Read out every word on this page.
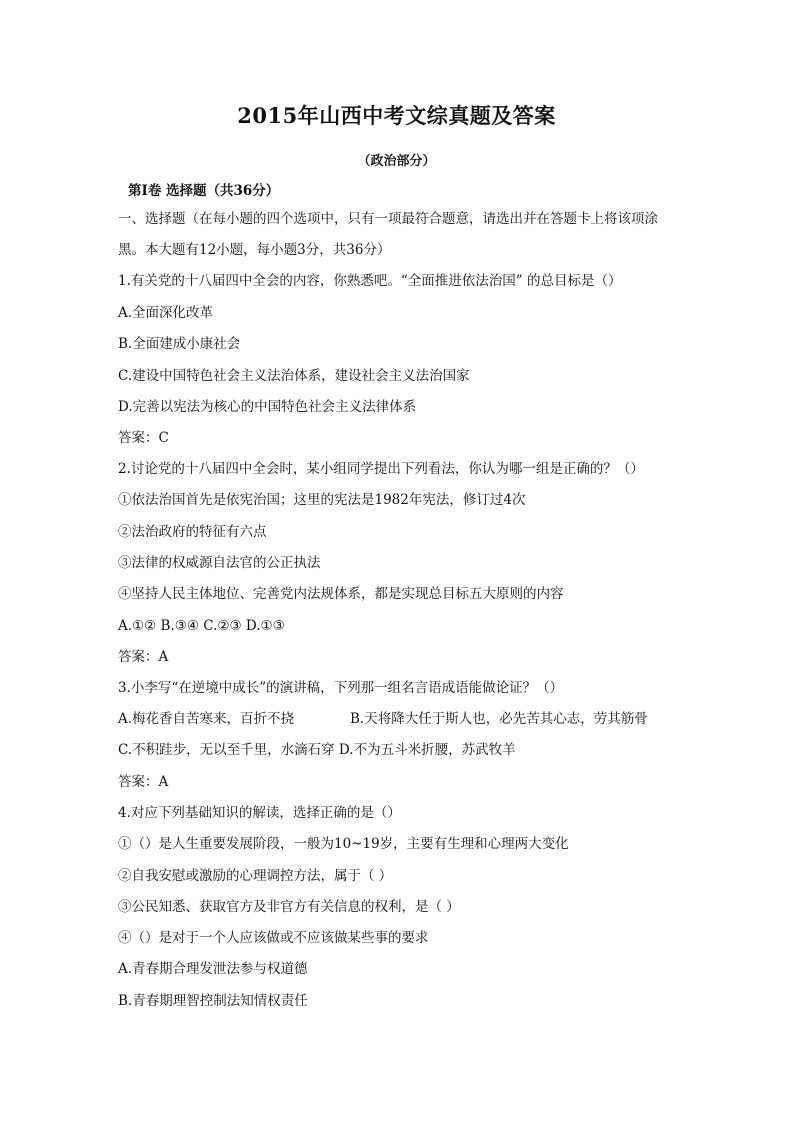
2015年山西中考文综真题及答案
（政治部分）
第Ⅰ卷 选择题（共36分）
一、选择题（在每小题的四个选项中，只有一项最符合题意，请选出并在答题卡上将该项涂
黑。本大题有12小题，每小题3分，共36分）
1.有关党的十八届四中全会的内容，你熟悉吧。“全面推进依法治国” 的总目标是（）
A.全面深化改革
B.全面建成小康社会
C.建设中国特色社会主义法治体系，建设社会主义法治国家
D.完善以宪法为核心的中国特色社会主义法律体系
答案：C
2.讨论党的十八届四中全会时，某小组同学提出下列看法，你认为哪一组是正确的？（）
①依法治国首先是依宪治国；这里的宪法是1982年宪法，修订过4次
②法治政府的特征有六点
③法律的权威源自法官的公正执法
④坚持人民主体地位、完善党内法规体系，都是实现总目标五大原则的内容
A.①② B.③④ C.②③ D.①③
答案：A
3.小李写“在逆境中成长”的演讲稿，下列那一组名言语成语能做论证？（）
A.梅花香自苦寒来，百折不挠	B.天将降大任于斯人也，必先苦其心志，劳其筋骨
C.不积跬步，无以至千里，水滴石穿 D.不为五斗米折腰，苏武牧羊
答案：A
4.对应下列基础知识的解读，选择正确的是（）
①（）是人生重要发展阶段，一般为10~19岁，主要有生理和心理两大变化
②自我安慰或激励的心理调控方法，属于（ ）
③公民知悉、获取官方及非官方有关信息的权利，是（ ）
④（）是对于一个人应该做或不应该做某些事的要求
A.青春期合理发泄法参与权道德
B.青春期理智控制法知情权责任
